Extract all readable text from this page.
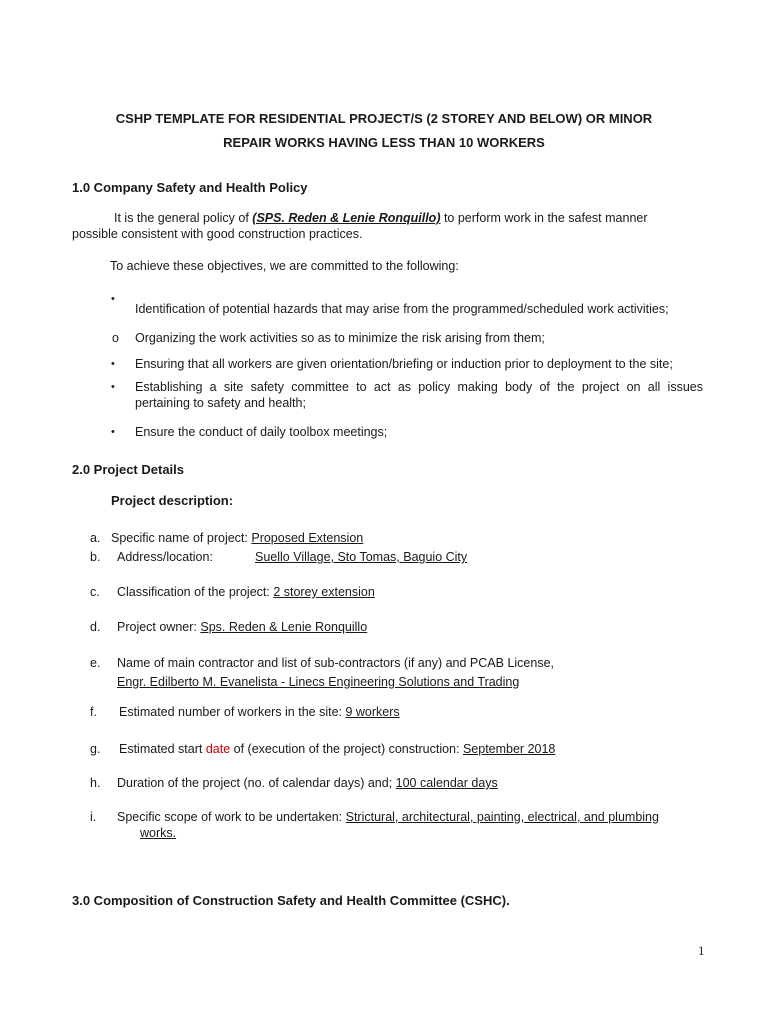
CSHP TEMPLATE FOR RESIDENTIAL PROJECT/S (2 STOREY AND BELOW) OR MINOR
REPAIR WORKS HAVING LESS THAN 10 WORKERS
1.0 Company Safety and Health Policy
It is the general policy of (SPS. Reden & Lenie Ronquillo) to perform work in the safest manner
possible consistent with good construction practices.
To achieve these objectives, we are committed to the following:
•
Identification of potential hazards that may arise from the programmed/scheduled work activities;
o Organizing the work activities so as to minimize the risk arising from them;
• Ensuring that all workers are given orientation/briefing or induction prior to deployment to the site;
• Establishing a site safety committee to act as policy making body of the project on all issues
pertaining to safety and health;
• Ensure the conduct of daily toolbox meetings;
2.0 Project Details
Project description:
a. Specific name of project: Proposed Extension
b. Address/location:	Suello Village, Sto Tomas, Baguio City
c. Classification of the project: 2 storey extension
d. Project owner: Sps. Reden & Lenie Ronquillo
e. Name of main contractor and list of sub-contractors (if any) and PCAB License,
Engr. Edilberto M. Evanelista - Linecs Engineering Solutions and Trading
f. Estimated number of workers in the site: 9 workers
g. Estimated start date of (execution of the project) construction: September 2018
h. Duration of the project (no. of calendar days) and; 100 calendar days
i. Specific scope of work to be undertaken: Strictural, architectural, painting, electrical, and plumbing
works.
3.0 Composition of Construction Safety and Health Committee (CSHC).
1
